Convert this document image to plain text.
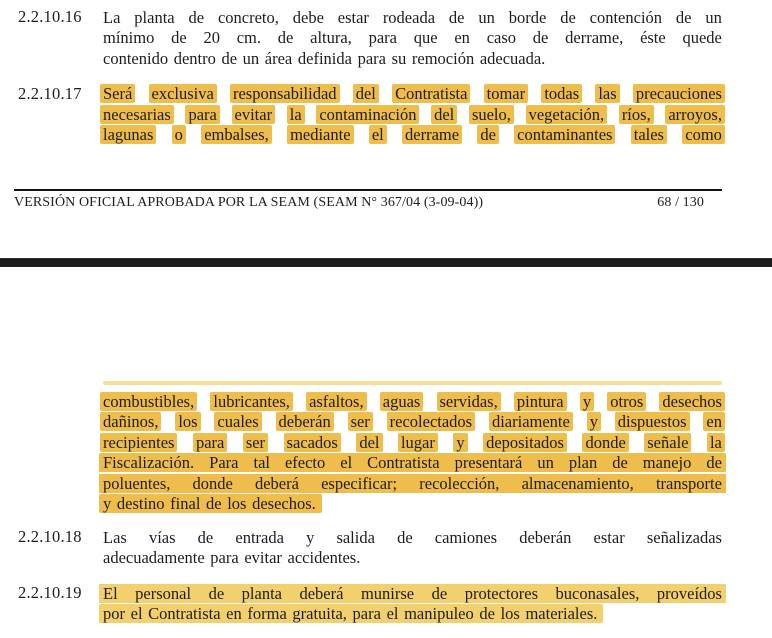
2.2.10.16	La planta de concreto, debe estar rodeada de un borde de contención de un
mínimo de 20 cm. de altura, para que en caso de derrame, éste quede
contenido dentro de un área definida para su remoción adecuada.
2.2.10.17	Será exclusiva responsabilidad del Contratista tomar todas las precauciones
necesarias para evitar la contaminación del suelo, vegetación, ríos, arroyos,
lagunas o embalses, mediante el derrame de contaminantes tales como
VERSIÓN OFICIAL APROBADA POR LA SEAM (SEAM N° 367/04 (3-09-04))	68 / 130
combustibles, lubricantes, asfaltos, aguas servidas, pintura y otros desechos
dañinos, los cuales deberán ser recolectados diariamente y dispuestos en
recipientes para ser sacados del lugar y depositados donde señale la
Fiscalización. Para tal efecto el Contratista presentará un plan de manejo de
poluentes, donde deberá especificar; recolección, almacenamiento, transporte
y destino final de los desechos.
2.2.10.18	Las vías de entrada y salida de camiones deberán estar señalizadas
adecuadamente para evitar accidentes.
2.2.10.19	El personal de planta deberá munirse de protectores buconasales, proveídos
por el Contratista en forma gratuita, para el manipuleo de los materiales.
